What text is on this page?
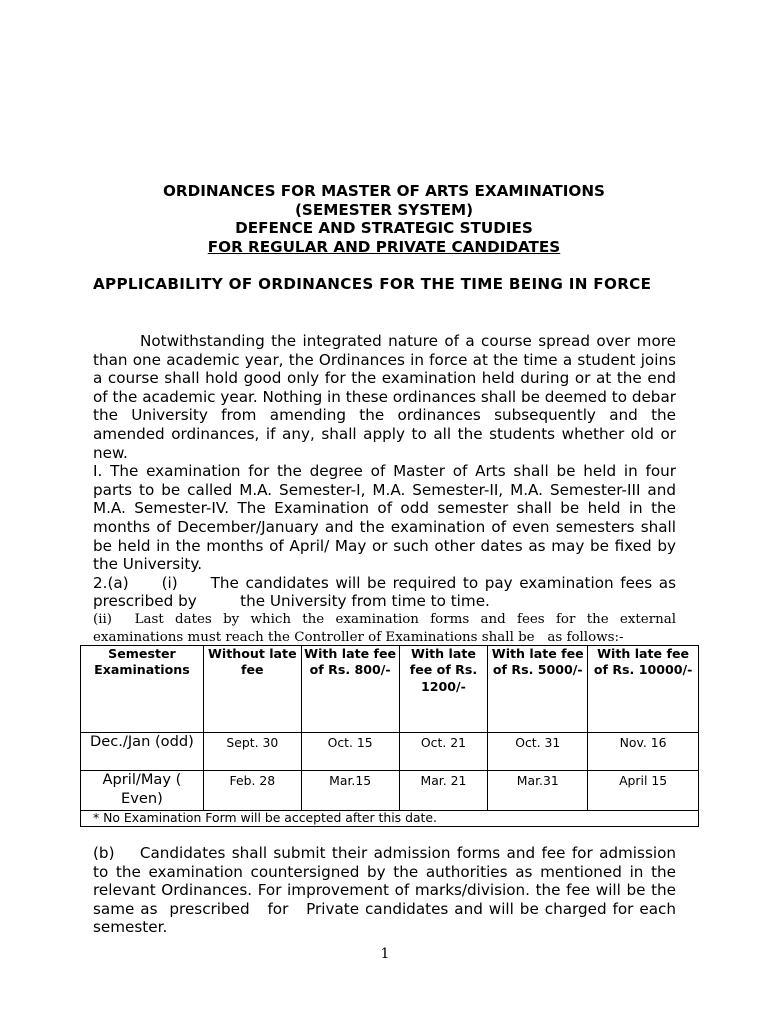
ORDINANCES FOR MASTER OF ARTS EXAMINATIONS
(SEMESTER SYSTEM)
DEFENCE AND STRATEGIC STUDIES
FOR REGULAR AND PRIVATE CANDIDATES
APPLICABILITY OF ORDINANCES FOR THE TIME BEING IN FORCE

Notwithstanding the integrated nature of a course spread over more than one academic year, the Ordinances in force at the time a student joins a course shall hold good only for the examination held during or at the end of the academic year. Nothing in these ordinances shall be deemed to debar the University from amending the ordinances subsequently and the amended ordinances, if any, shall apply to all the students whether old or new.

I. The examination for the degree of Master of Arts shall be held in four parts to be called M.A. Semester-I, M.A. Semester-II, M.A. Semester-III and M.A. Semester-IV. The Examination of odd semester shall be held in the months of December/January and the examination of even semesters shall be held in the months of April/ May or such other dates as may be fixed by the University.

2.(a)     (i)     The candidates will be required to pay examination fees as prescribed by         the University from time to time.

(ii)  Last dates by which the examination forms and fees for the external  examinations must reach the Controller of Examinations shall be   as follows:-

Semester Examinations	Without late fee	With late fee of Rs. 800/-	With late fee of Rs. 1200/-	With late fee of Rs. 5000/-	With late fee of Rs. 10000/-
Dec./Jan (odd)	Sept. 30	Oct. 15	Oct. 21	Oct. 31	Nov. 16
April/May ( Even)	Feb. 28	Mar.15	Mar. 21	Mar.31	April 15
* No Examination Form will be accepted after this date.					

(b)    Candidates shall submit their admission forms and fee for admission to the examination countersigned by the authorities as mentioned in the relevant Ordinances. For improvement of marks/division. the fee will be the same as  prescribed   for   Private candidates and will be charged for each semester.

1
